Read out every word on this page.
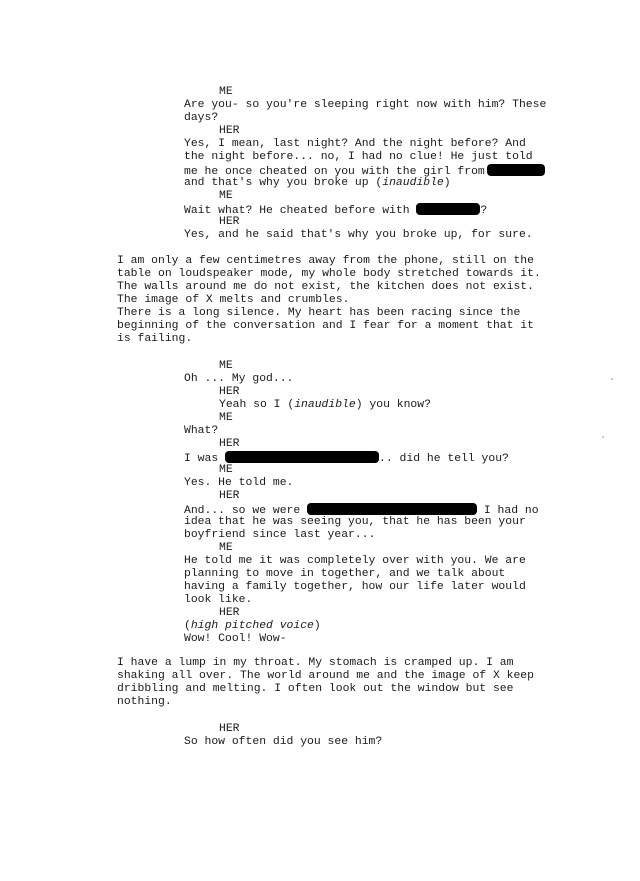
ME
Are you- so you're sleeping right now with him? These
days?
HER
Yes, I mean, last night? And the night before? And
the night before... no, I had no clue! He just told
me he once cheated on you with the girl from
and that's why you broke up (inaudible)
ME
Wait what? He cheated before with	?
HER
Yes, and he said that's why you broke up, for sure.
I am only a few centimetres away from the phone, still on the
table on loudspeaker mode, my whole body stretched towards it.
The walls around me do not exist, the kitchen does not exist.
The image of X melts and crumbles.
There is a long silence. My heart has been racing since the
beginning of the conversation and I fear for a moment that it
is failing.
ME
Oh ... My god...
HER
Yeah so I (inaudible) you know?
ME
What?
HER
I was	.. did he tell you?
ME
Yes. He told me.
HER
And... so we were	I had no
idea that he was seeing you, that he has been your
boyfriend since last year...
ME
He told me it was completely over with you. We are
planning to move in together, and we talk about
having a family together, how our life later would
look like.
HER
(high pitched voice)
Wow! Cool! Wow-
I have a lump in my throat. My stomach is cramped up. I am
shaking all over. The world around me and the image of X keep
dribbling and melting. I often look out the window but see
nothing.
HER
So how often did you see him?
